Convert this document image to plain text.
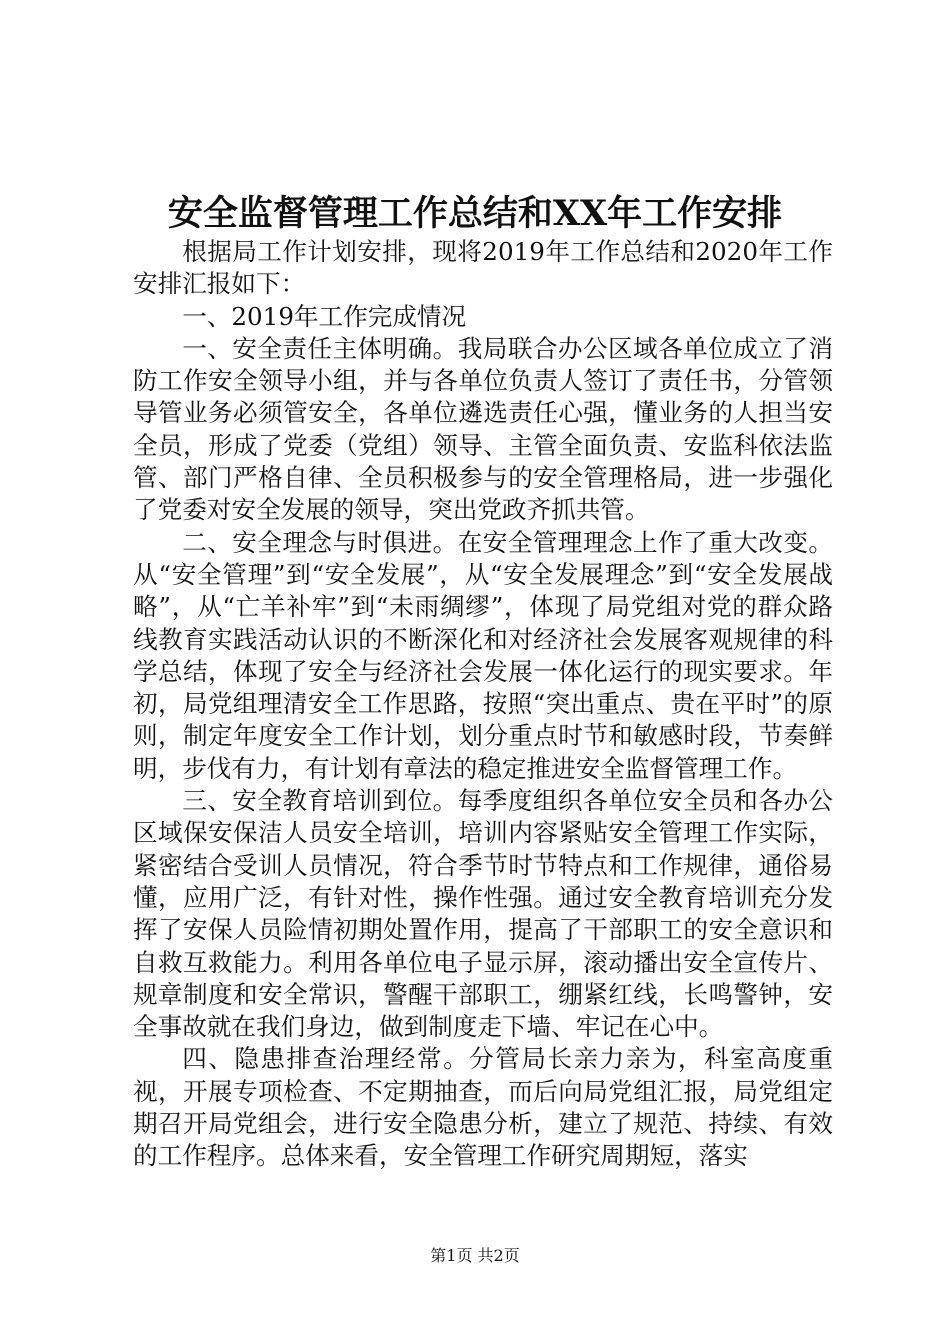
安全监督管理工作总结和XX年工作安排

根据局工作计划安排，现将2019年工作总结和2020年工作安排汇报如下：

一、2019年工作完成情况

一、安全责任主体明确。我局联合办公区域各单位成立了消防工作安全领导小组，并与各单位负责人签订了责任书，分管领导管业务必须管安全，各单位遴选责任心强，懂业务的人担当安全员，形成了党委（党组）领导、主管全面负责、安监科依法监管、部门严格自律、全员积极参与的安全管理格局，进一步强化了党委对安全发展的领导，突出党政齐抓共管。

二、安全理念与时俱进。在安全管理理念上作了重大改变。从“安全管理”到“安全发展”，从“安全发展理念”到“安全发展战略”，从“亡羊补牢”到“未雨绸缪”，体现了局党组对党的群众路线教育实践活动认识的不断深化和对经济社会发展客观规律的科学总结，体现了安全与经济社会发展一体化运行的现实要求。年初，局党组理清安全工作思路，按照“突出重点、贵在平时”的原则，制定年度安全工作计划，划分重点时节和敏感时段，节奏鲜明，步伐有力，有计划有章法的稳定推进安全监督管理工作。

三、安全教育培训到位。每季度组织各单位安全员和各办公区域保安保洁人员安全培训，培训内容紧贴安全管理工作实际，紧密结合受训人员情况，符合季节时节特点和工作规律，通俗易懂，应用广泛，有针对性，操作性强。通过安全教育培训充分发挥了安保人员险情初期处置作用，提高了干部职工的安全意识和自救互救能力。利用各单位电子显示屏，滚动播出安全宣传片、规章制度和安全常识，警醒干部职工，绷紧红线，长鸣警钟，安全事故就在我们身边，做到制度走下墙、牢记在心中。

四、隐患排查治理经常。分管局长亲力亲为，科室高度重视，开展专项检查、不定期抽查，而后向局党组汇报，局党组定期召开局党组会，进行安全隐患分析，建立了规范、持续、有效的工作程序。总体来看，安全管理工作研究周期短，落实

第1页 共2页
